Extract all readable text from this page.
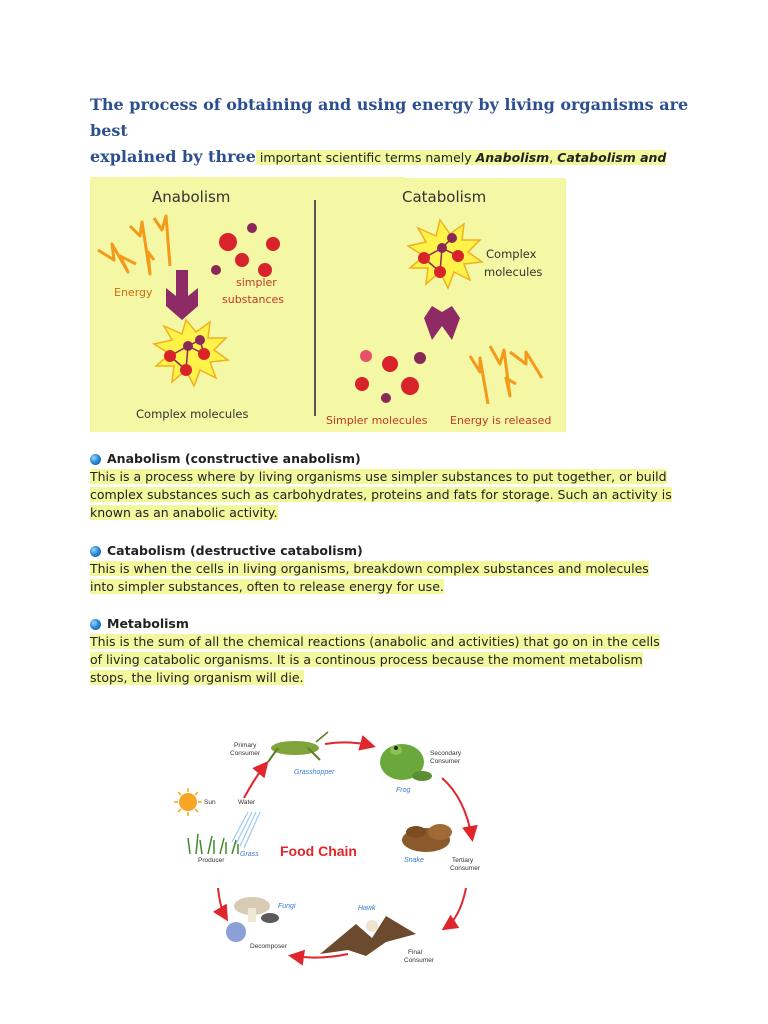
The process of obtaining and using energy by living organisms are best
explained by three important scientific terms namely Anabolism, Catabolism and

Anabolism	Catabolism
Energy
simpler
substances
Complex molecules
Complex
molecules
Simpler molecules Energy is released
Anabolism (constructive anabolism)
This is a process where by living organisms use simpler substances to put together, or build
complex substances such as carbohydrates, proteins and fats for storage. Such an activity is
known as an anabolic activity.
Catabolism (destructive catabolism)
This is when the cells in living organisms, breakdown complex substances and molecules
into simpler substances, often to release energy for use.
Metabolism
This is the sum of all the chemical reactions (anabolic and activities) that go on in the cells
of living catabolic organisms. It is a continous process because the moment metabolism
stops, the living organism will die.
Primary
Consumer
Grasshopper
Secondary
Consumer
Frog
Sun	Water
Producer
Grass Food Chain
Snake	Tertiary
Consumer
Fungi
Decomposer
Hawk
Final
Consumer
